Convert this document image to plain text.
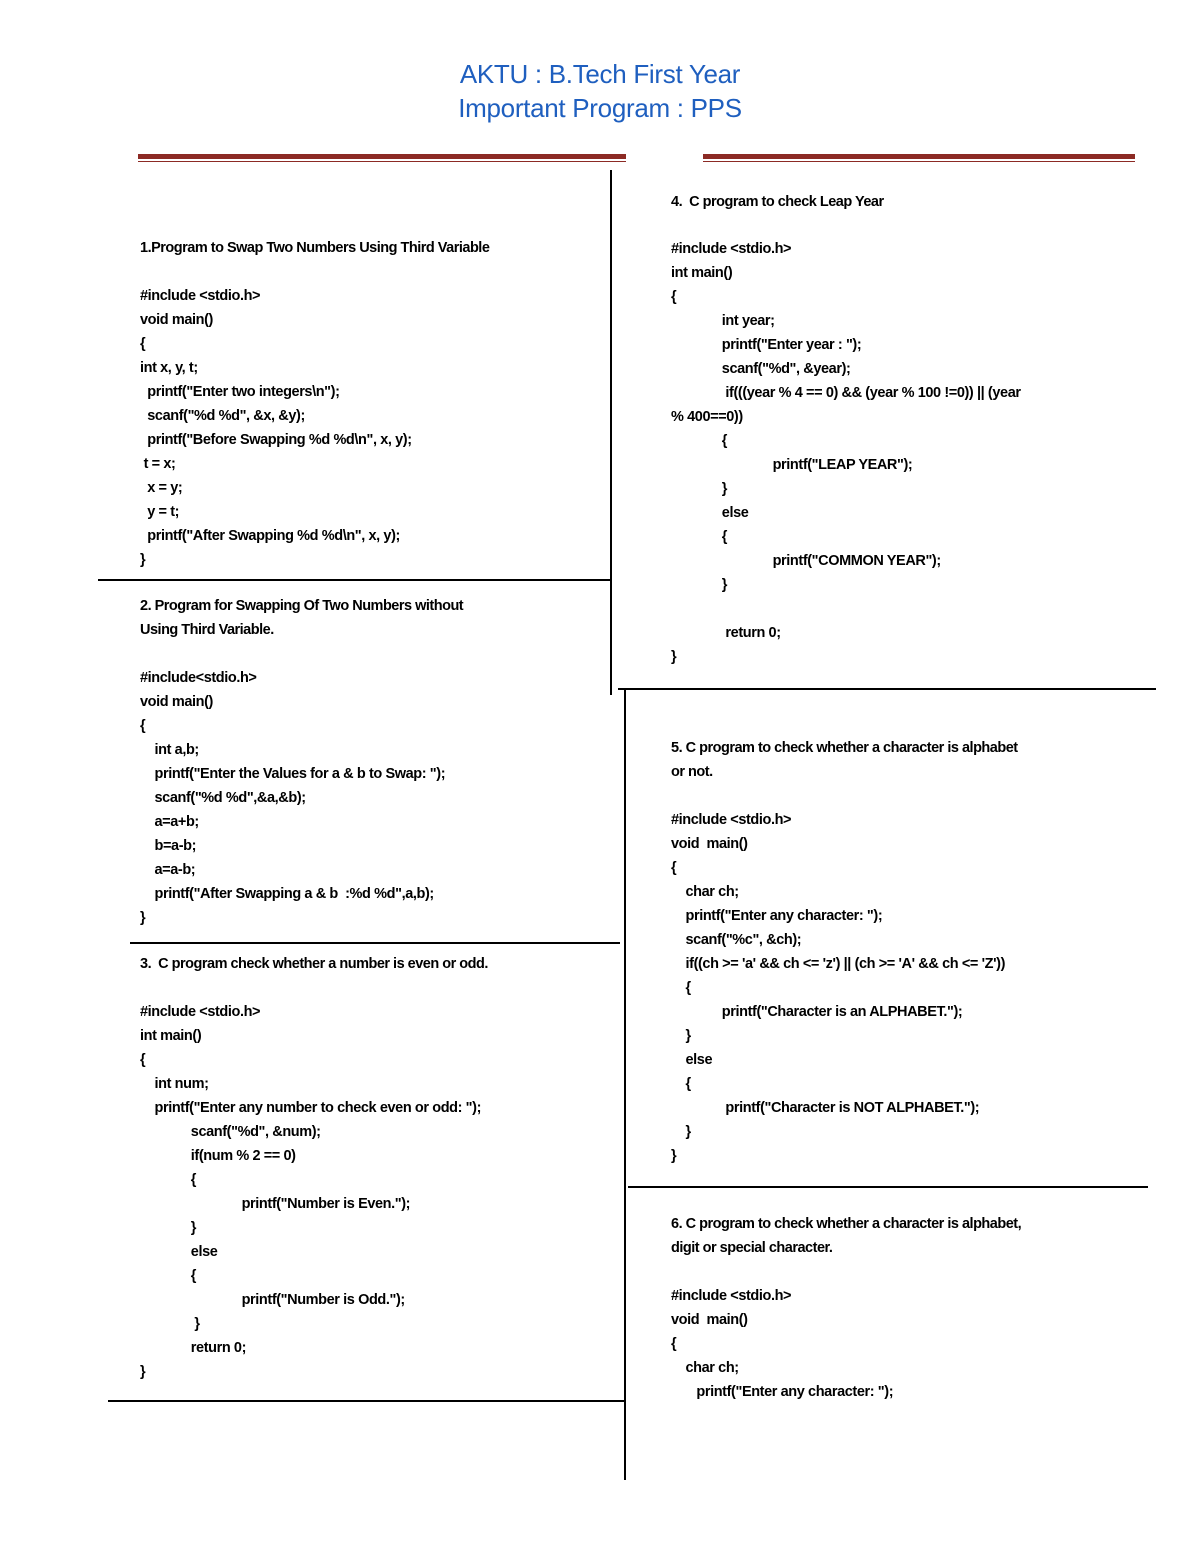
AKTU : B.Tech First Year
Important Program : PPS
1.Program to Swap Two Numbers Using Third Variable
#include <stdio.h>
void main()
{
int x, y, t;
printf("Enter two integers\n");
scanf("%d %d", &x, &y);
printf("Before Swapping %d %d\n", x, y);
t = x;
x = y;
y = t;
printf("After Swapping %d %d\n", x, y);
}
2. Program for Swapping Of Two Numbers without
Using Third Variable.
#include<stdio.h>
void main()
{
int a,b;
printf("Enter the Values for a & b to Swap: ");
scanf("%d %d",&a,&b);
a=a+b;
b=a-b;
a=a-b;
printf("After Swapping a & b  :%d %d",a,b);
}
3.  C program check whether a number is even or odd.
#include <stdio.h>
int main()
{
int num;
printf("Enter any number to check even or odd: ");
scanf("%d", &num);
if(num % 2 == 0)
{
printf("Number is Even.");
}
else
{
printf("Number is Odd.");
}
return 0;
}
4.  C program to check Leap Year
#include <stdio.h>
int main()
{
int year;
printf("Enter year : ");
scanf("%d", &year);
if(((year % 4 == 0) && (year % 100 !=0)) || (year
% 400==0))
{
printf("LEAP YEAR");
}
else
{
printf("COMMON YEAR");
}

return 0;
}
5. C program to check whether a character is alphabet
or not.
#include <stdio.h>
void  main()
{
char ch;
printf("Enter any character: ");
scanf("%c", &ch);
if((ch >= 'a' && ch <= 'z') || (ch >= 'A' && ch <= 'Z'))
{
printf("Character is an ALPHABET.");
}
else
{
printf("Character is NOT ALPHABET.");
}
}
6. C program to check whether a character is alphabet,
digit or special character.
#include <stdio.h>
void  main()
{
char ch;
printf("Enter any character: ");
